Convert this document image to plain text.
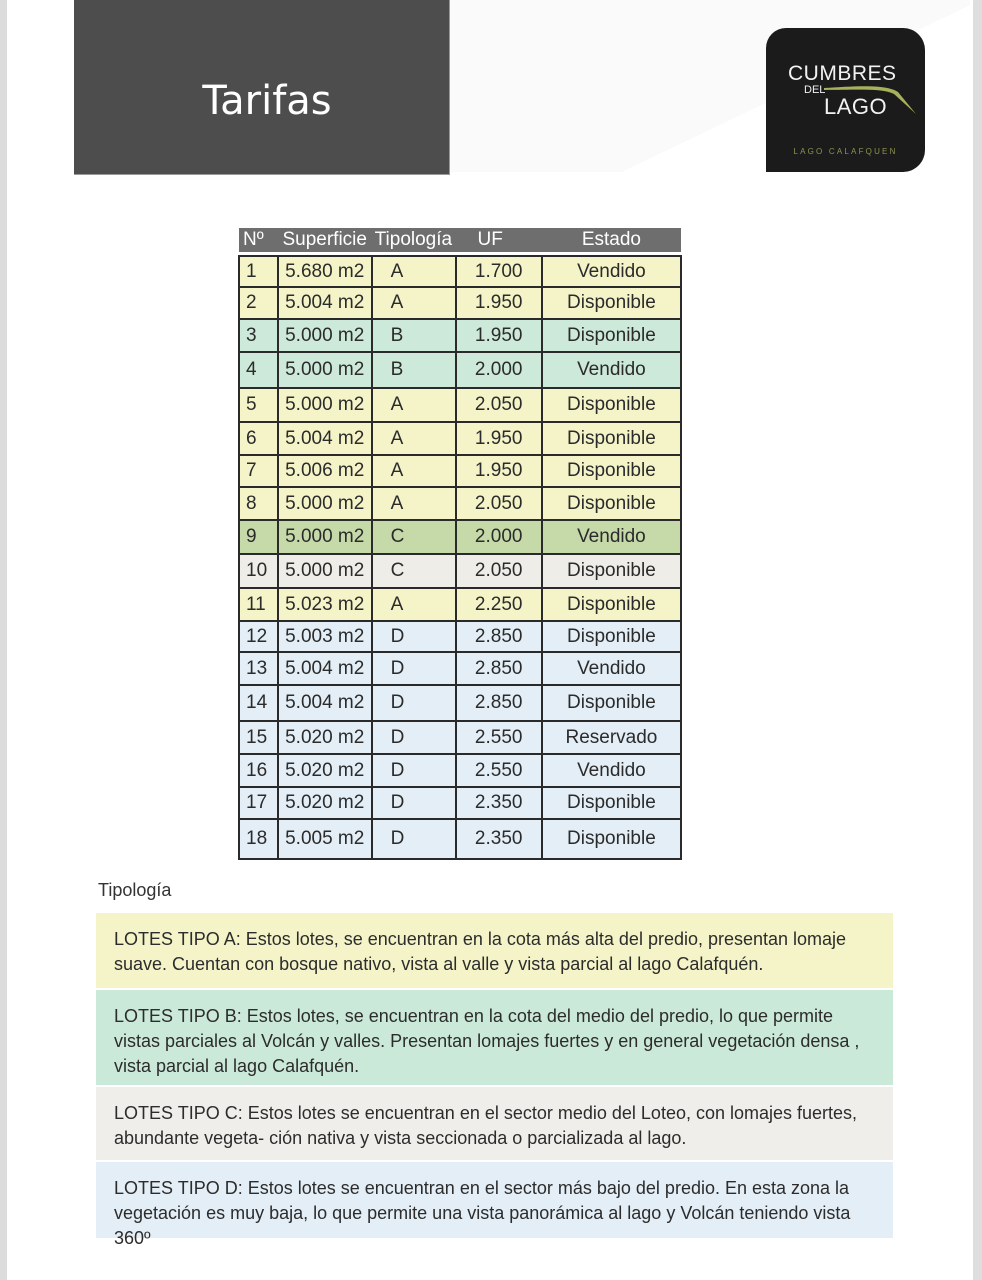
Tarifas
CUMBRES
DEL
LAGO
LAGO CALAFQUEN
Nº	Superficie	Tipología	UF	Estado

1	5.680 m2	A	1.700	Vendido
2	5.004 m2	A	1.950	Disponible
3	5.000 m2	B	1.950	Disponible
4	5.000 m2	B	2.000	Vendido
5	5.000 m2	A	2.050	Disponible
6	5.004 m2	A	1.950	Disponible
7	5.006 m2	A	1.950	Disponible
8	5.000 m2	A	2.050	Disponible
9	5.000 m2	C	2.000	Vendido
10	5.000 m2	C	2.050	Disponible
11	5.023 m2	A	2.250	Disponible
12	5.003 m2	D	2.850	Disponible
13	5.004 m2	D	2.850	Vendido
14	5.004 m2	D	2.850	Disponible
15	5.020 m2	D	2.550	Reservado
16	5.020 m2	D	2.550	Vendido
17	5.020 m2	D	2.350	Disponible
18	5.005 m2	D	2.350	Disponible
Tipología
LOTES TIPO A: Estos lotes, se encuentran en la cota más alta del predio, presentan lomaje suave. Cuentan con bosque nativo, vista al valle y vista parcial al lago Calafquén.
LOTES TIPO B: Estos lotes, se encuentran en la cota del medio del predio, lo que permite vistas parciales al Volcán y valles. Presentan lomajes fuertes y en general vegetación densa , vista parcial al lago Calafquén.
LOTES TIPO C: Estos lotes se encuentran en el sector medio del Loteo, con lomajes fuertes, abundante vegeta- ción nativa y vista seccionada o parcializada al lago.
LOTES TIPO D: Estos lotes se encuentran en el sector más bajo del predio. En esta zona la vegetación es muy baja, lo que permite una vista panorámica al lago y Volcán teniendo vista 360º
